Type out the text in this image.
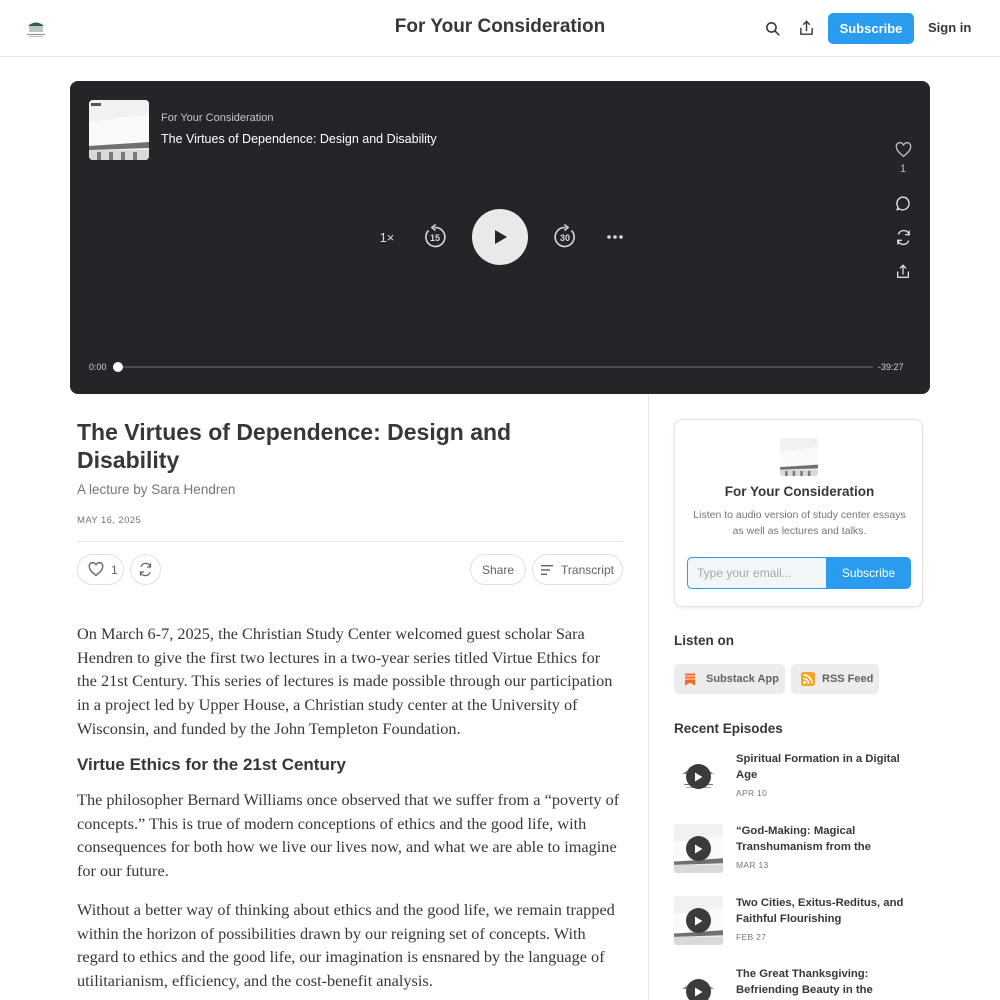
For Your Consideration	Subscribe	Sign in
For Your Consideration
The Virtues of Dependence: Design and Disability
1×	15	30
1
0:00	-39:27
The Virtues of Dependence: Design and Disability
A lecture by Sara Hendren
MAY 16, 2025
1	Share	Transcript

On March 6-7, 2025, the Christian Study Center welcomed guest scholar Sara Hendren to give the first two lectures in a two-year series titled Virtue Ethics for the 21st Century. This series of lectures is made possible through our participation in a project led by Upper House, a Christian study center at the University of Wisconsin, and funded by the John Templeton Foundation.

Virtue Ethics for the 21st Century

The philosopher Bernard Williams once observed that we suffer from a “poverty of concepts.” This is true of modern conceptions of ethics and the good life, with consequences for both how we live our lives now, and what we are able to imagine for our future.

Without a better way of thinking about ethics and the good life, we remain trapped within the horizon of possibilities drawn by our reigning set of concepts. With regard to ethics and the good life, our imagination is ensnared by the language of utilitarianism, efficiency, and the cost-benefit analysis.

For Your Consideration
Listen to audio version of study center essays as well as lectures and talks.
Type your email...
Subscribe
Listen on
Substack App	RSS Feed
Recent Episodes
Spiritual Formation in a Digital Age
APR 10
“God-Making: Magical Transhumanism from the
MAR 13
Two Cities, Exitus-Reditus, and Faithful Flourishing
FEB 27
The Great Thanksgiving: Befriending Beauty in the
